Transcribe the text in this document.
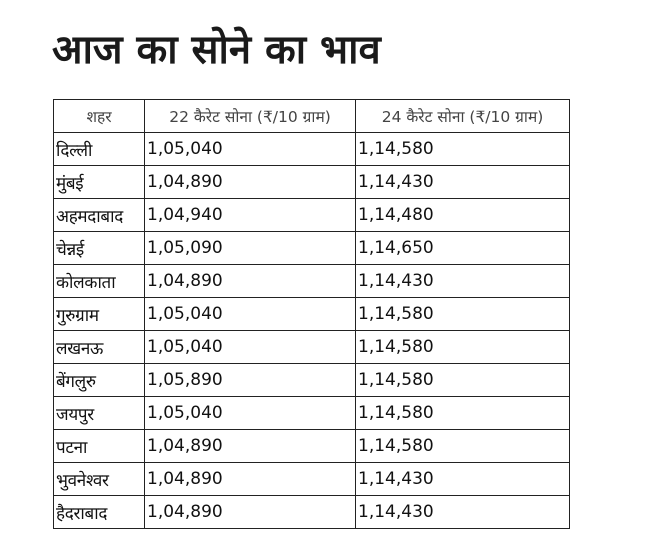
आज का सोने का भाव
शहर	22 कैरेट सोना (₹/10 ग्राम)	24 कैरेट सोना (₹/10 ग्राम)
दिल्ली	1,05,040	1,14,580
मुंबई	1,04,890	1,14,430
अहमदाबाद	1,04,940	1,14,480
चेन्नई	1,05,090	1,14,650
कोलकाता	1,04,890	1,14,430
गुरुग्राम	1,05,040	1,14,580
लखनऊ	1,05,040	1,14,580
बेंगलुरु	1,05,890	1,14,580
जयपुर	1,05,040	1,14,580
पटना	1,04,890	1,14,580
भुवनेश्वर	1,04,890	1,14,430
हैदराबाद	1,04,890	1,14,430
